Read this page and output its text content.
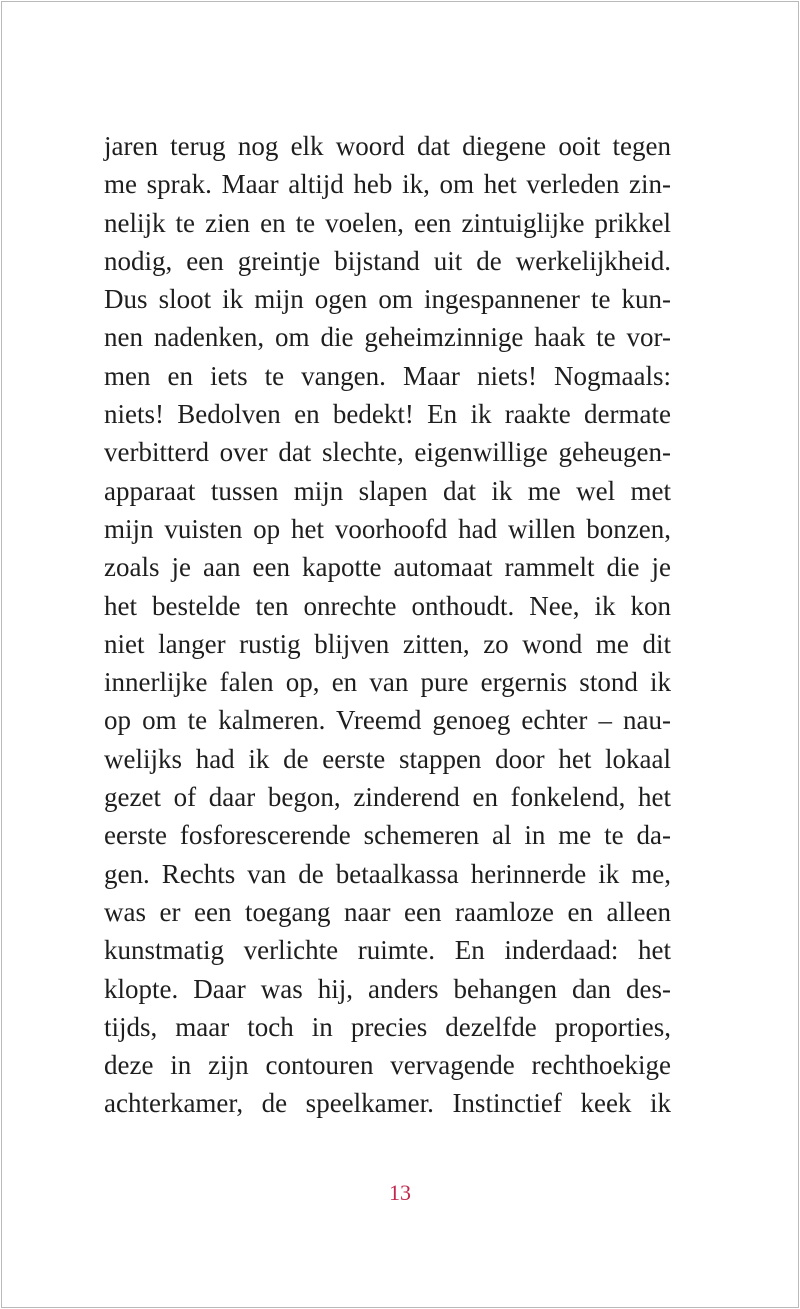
jaren terug nog elk woord dat diegene ooit tegen
me sprak. Maar altijd heb ik, om het verleden zin-
nelijk te zien en te voelen, een zintuiglijke prikkel
nodig, een greintje bijstand uit de werkelijkheid.
Dus sloot ik mijn ogen om ingespannener te kun-
nen nadenken, om die geheimzinnige haak te vor-
men en iets te vangen. Maar niets! Nogmaals:
niets! Bedolven en bedekt! En ik raakte dermate
verbitterd over dat slechte, eigenwillige geheugen-
apparaat tussen mijn slapen dat ik me wel met
mijn vuisten op het voorhoofd had willen bonzen,
zoals je aan een kapotte automaat rammelt die je
het bestelde ten onrechte onthoudt. Nee, ik kon
niet langer rustig blijven zitten, zo wond me dit
innerlijke falen op, en van pure ergernis stond ik
op om te kalmeren. Vreemd genoeg echter – nau-
welijks had ik de eerste stappen door het lokaal
gezet of daar begon, zinderend en fonkelend, het
eerste fosforescerende schemeren al in me te da-
gen. Rechts van de betaalkassa herinnerde ik me,
was er een toegang naar een raamloze en alleen
kunstmatig verlichte ruimte. En inderdaad: het
klopte. Daar was hij, anders behangen dan des-
tijds, maar toch in precies dezelfde proporties,
deze in zijn contouren vervagende rechthoekige
achterkamer, de speelkamer. Instinctief keek ik
13
